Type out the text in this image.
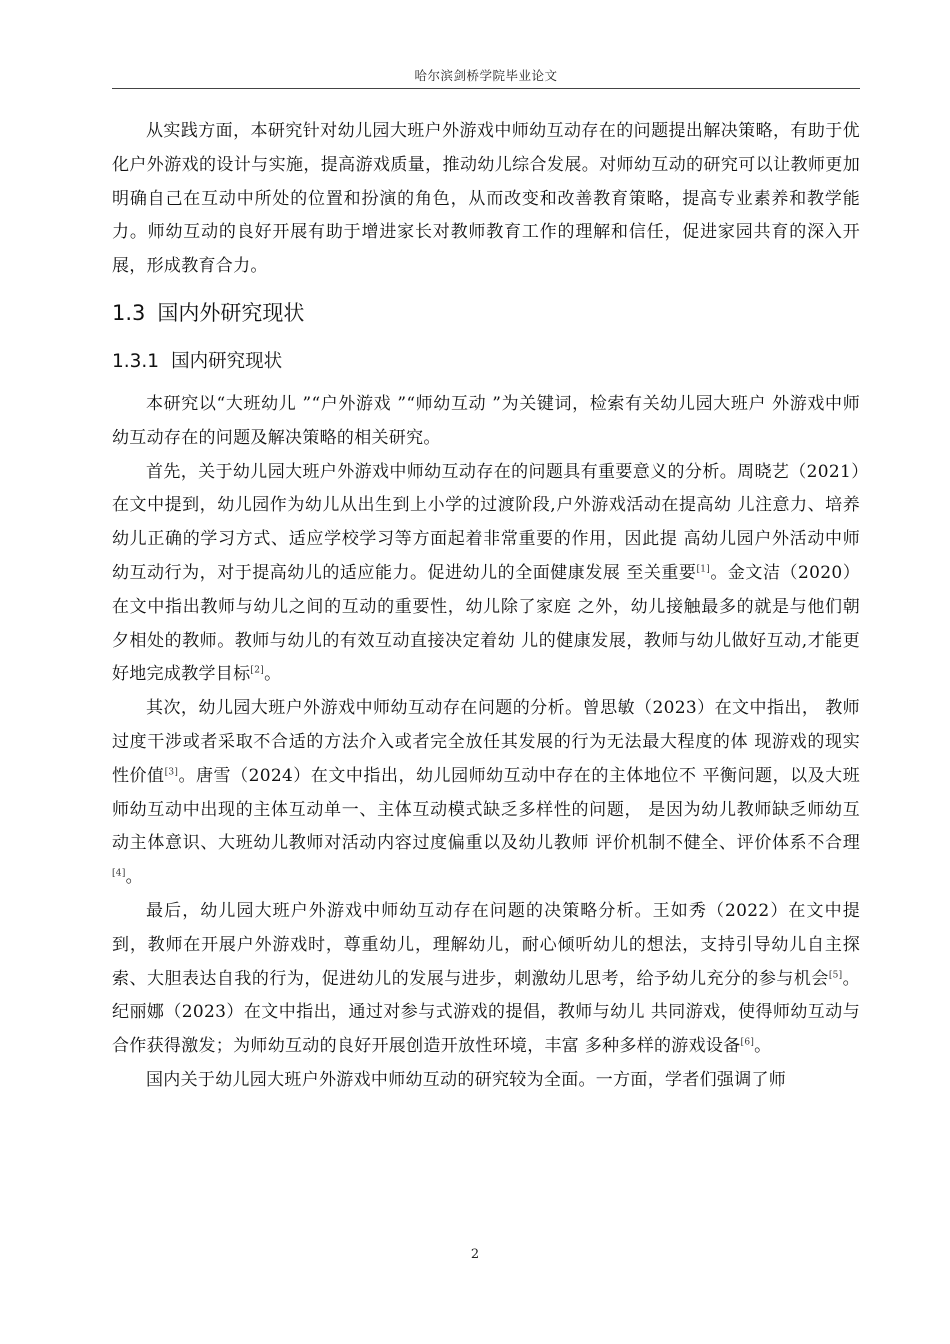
哈尔滨剑桥学院毕业论文

从实践方面，本研究针对幼儿园大班户外游戏中师幼互动存在的问题提出解决策略，有助于优化户外游戏的设计与实施，提高游戏质量，推动幼儿综合发展。对师幼互动的研究可以让教师更加明确自己在互动中所处的位置和扮演的角色，从而改变和改善教育策略，提高专业素养和教学能力。师幼互动的良好开展有助于增进家长对教师教育工作的理解和信任，促进家园共育的深入开展，形成教育合力。

1.3 国内外研究现状
1.3.1 国内研究现状

本研究以“大班幼儿 ”“户外游戏 ”“师幼互动 ”为关键词，检索有关幼儿园大班户 外游戏中师幼互动存在的问题及解决策略的相关研究。

首先，关于幼儿园大班户外游戏中师幼互动存在的问题具有重要意义的分析。周晓艺（2021）在文中提到，幼儿园作为幼儿从出生到上小学的过渡阶段,户外游戏活动在提高幼 儿注意力、培养幼儿正确的学习方式、适应学校学习等方面起着非常重要的作用，因此提 高幼儿园户外活动中师幼互动行为，对于提高幼儿的适应能力。促进幼儿的全面健康发展 至关重要[1]。金文洁（2020）在文中指出教师与幼儿之间的互动的重要性，幼儿除了家庭 之外，幼儿接触最多的就是与他们朝夕相处的教师。教师与幼儿的有效互动直接决定着幼 儿的健康发展，教师与幼儿做好互动,才能更好地完成教学目标[2]。

其次，幼儿园大班户外游戏中师幼互动存在问题的分析。曾思敏（2023）在文中指出， 教师过度干涉或者采取不合适的方法介入或者完全放任其发展的行为无法最大程度的体 现游戏的现实性价值[3]。唐雪（2024）在文中指出，幼儿园师幼互动中存在的主体地位不 平衡问题，以及大班师幼互动中出现的主体互动单一、主体互动模式缺乏多样性的问题， 是因为幼儿教师缺乏师幼互动主体意识、大班幼儿教师对活动内容过度偏重以及幼儿教师 评价机制不健全、评价体系不合理[4]。

最后，幼儿园大班户外游戏中师幼互动存在问题的决策略分析。王如秀（2022）在文中提到，教师在开展户外游戏时，尊重幼儿，理解幼儿，耐心倾听幼儿的想法，支持引导幼儿自主探索、大胆表达自我的行为，促进幼儿的发展与进步，刺激幼儿思考，给予幼儿充分的参与机会[5]。纪丽娜（2023）在文中指出，通过对参与式游戏的提倡，教师与幼儿 共同游戏，使得师幼互动与合作获得激发；为师幼互动的良好开展创造开放性环境，丰富 多种多样的游戏设备[6]。

国内关于幼儿园大班户外游戏中师幼互动的研究较为全面。一方面，学者们强调了师

2
